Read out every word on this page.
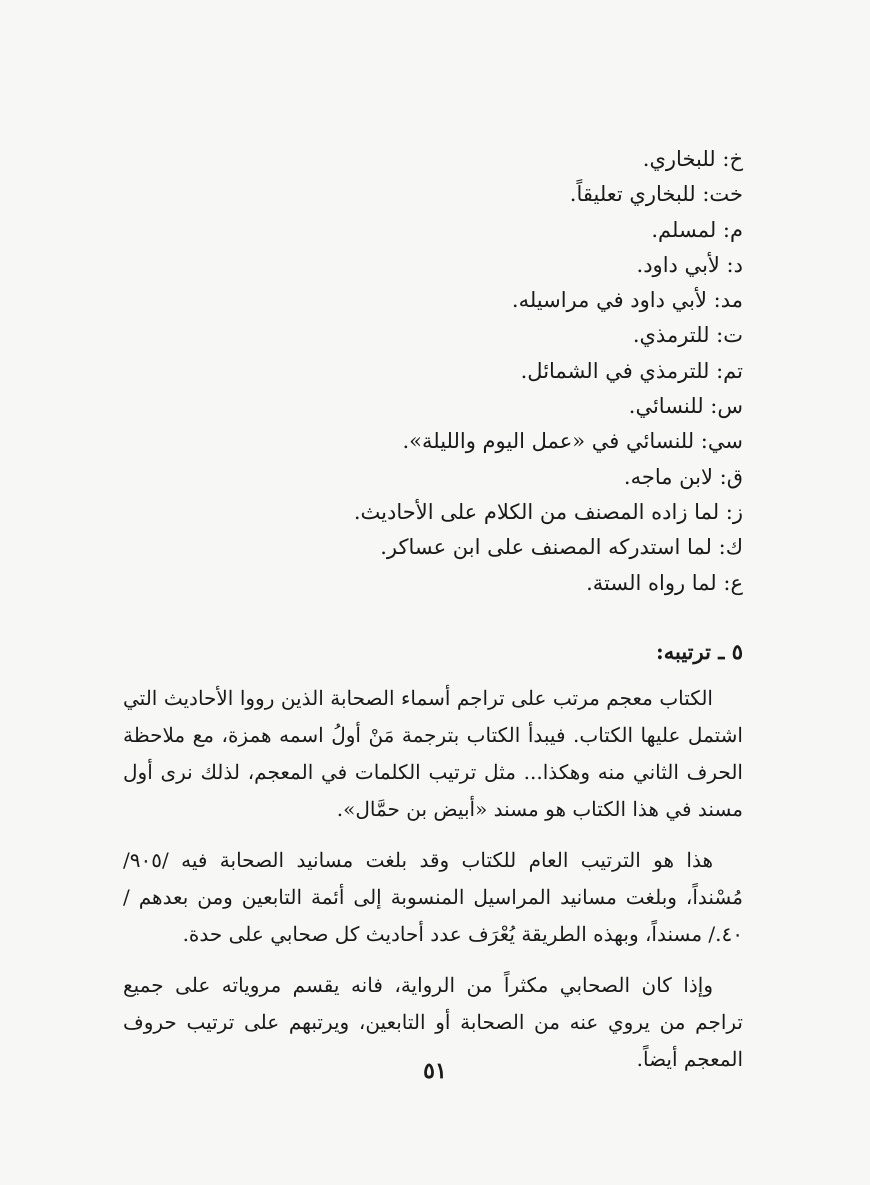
خ: للبخاري.
خت: للبخاري تعليقاً.
م: لمسلم.
د: لأبي داود.
مد: لأبي داود في مراسيله.
ت: للترمذي.
تم: للترمذي في الشمائل.
س: للنسائي.
سي: للنسائي في «عمل اليوم والليلة».
ق: لابن ماجه.
ز: لما زاده المصنف من الكلام على الأحاديث.
ك: لما استدركه المصنف على ابن عساكر.
ع: لما رواه الستة.
٥ ـ ترتيبه:

الكتاب معجم مرتب على تراجم أسماء الصحابة الذين رووا الأحاديث التي اشتمل عليها الكتاب. فيبدأ الكتاب بترجمة مَنْ أولُ اسمه همزة، مع ملاحظة الحرف الثاني منه وهكذا... مثل ترتيب الكلمات في المعجم، لذلك نرى أول مسند في هذا الكتاب هو مسند «أبيض بن حمَّال».

هذا هو الترتيب العام للكتاب وقد بلغت مسانيد الصحابة فيه /٩٠٥/ مُسْنداً، وبلغت مسانيد المراسيل المنسوبة إلى أئمة التابعين ومن بعدهم /٤٠./ مسنداً، وبهذه الطريقة يُعْرَف عدد أحاديث كل صحابي على حدة.

وإذا كان الصحابي مكثراً من الرواية، فانه يقسم مروياته على جميع تراجم من يروي عنه من الصحابة أو التابعين، ويرتبهم على ترتيب حروف المعجم أيضاً.

٥١
